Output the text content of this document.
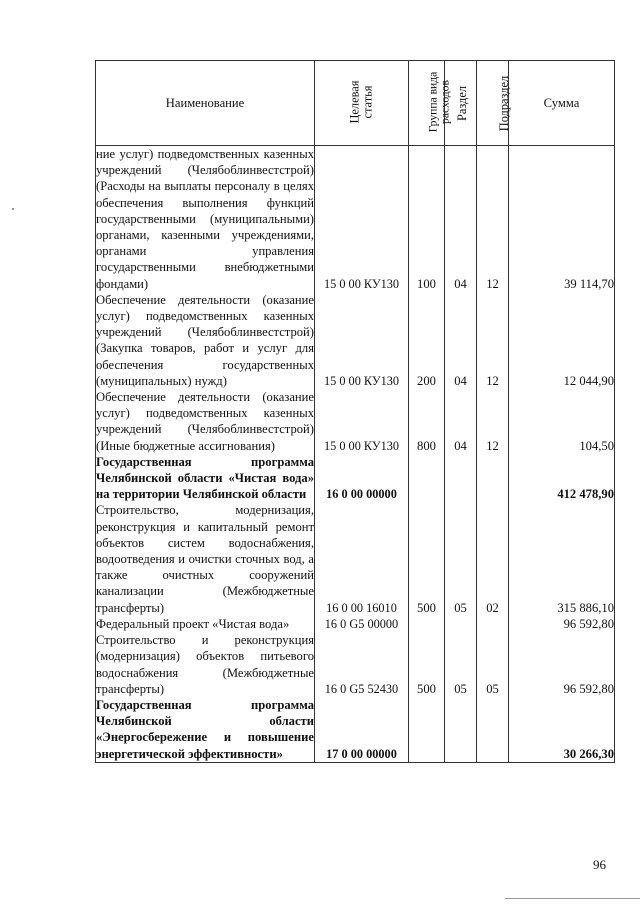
Наименование	Целевая статья	Группа вида расходов	Раздел	Подраздел	Сумма

ние услуг) подведомственных казенных учреждений (Челябоблинвестстрой) (Расходы на выплаты персоналу в целях обеспечения выполнения функций государственными (муниципальными) органами, казенными учреждениями, органами управления государственными внебюджетными фондами)	15 0 00 КУ130	100	04	12	39 114,70

Обеспечение деятельности (оказание услуг) подведомственных казенных учреждений (Челябоблинвестстрой) (Закупка товаров, работ и услуг для обеспечения государственных (муниципальных) нужд)	15 0 00 КУ130	200	04	12	12 044,90

Обеспечение деятельности (оказание услуг) подведомственных казенных учреждений (Челябоблинвестстрой) (Иные бюджетные ассигнования)	15 0 00 КУ130	800	04	12	104,50

Государственная программа Челябинской области «Чистая вода» на территории Челябинской области	16 0 00 00000				412 478,90

Строительство, модернизация, реконструкция и капитальный ремонт объектов систем водоснабжения, водоотведения и очистки сточных вод, а также очистных сооружений канализации (Межбюджетные трансферты)	16 0 00 16010	500	05	02	315 886,10

Федеральный проект «Чистая вода»	16 0 G5 00000				96 592,80

Строительство и реконструкция (модернизация) объектов питьевого водоснабжения (Межбюджетные трансферты)	16 0 G5 52430	500	05	05	96 592,80

Государственная программа Челябинской области «Энергосбережение и повышение энергетической эффективности»	17 0 00 00000				30 266,30
96
